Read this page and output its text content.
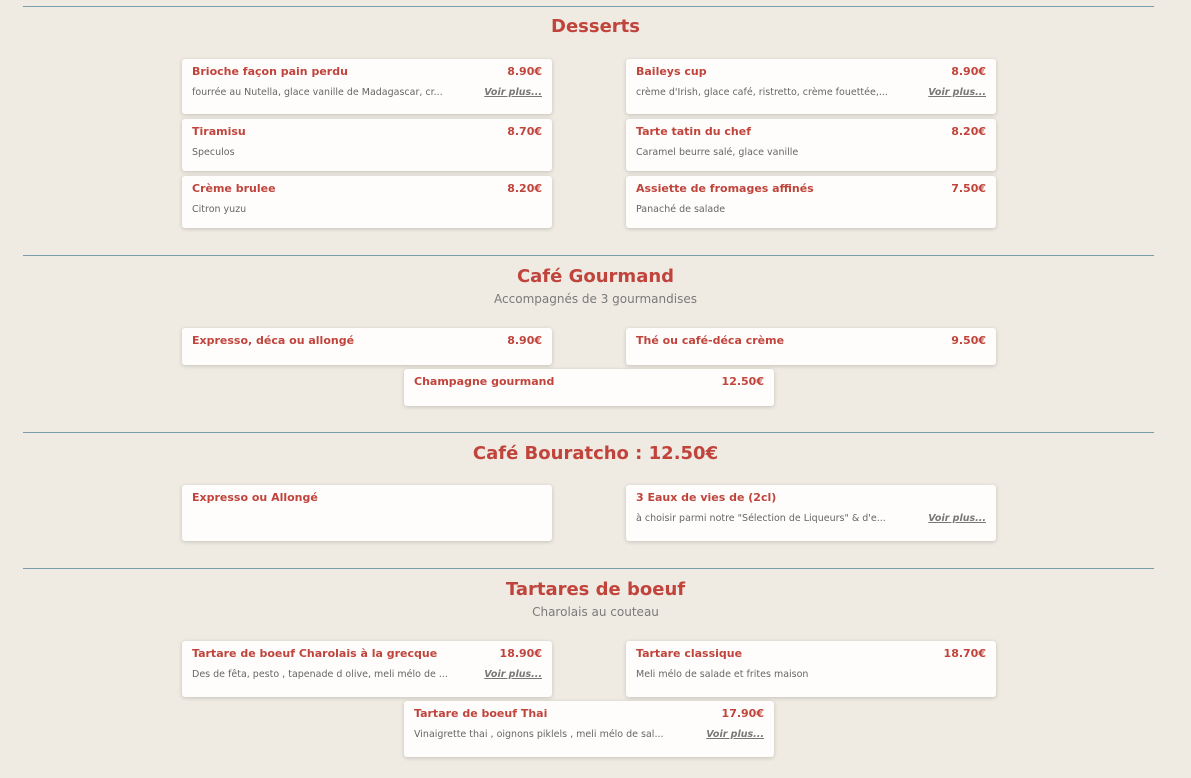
Desserts
Brioche façon pain perdu	8.90€
fourrée au Nutella, glace vanille de Madagascar, cr...	Voir plus...
Baileys cup	8.90€
crème d'Irish, glace café, ristretto, crème fouettée,...	Voir plus...
Tiramisu	8.70€
Speculos
Tarte tatin du chef	8.20€
Caramel beurre salé, glace vanille
Crème brulee	8.20€
Citron yuzu
Assiette de fromages affinés	7.50€
Panaché de salade
Café Gourmand
Accompagnés de 3 gourmandises
Expresso, déca ou allongé	8.90€	Thé ou café-déca crème	9.50€
Champagne gourmand	12.50€
Café Bouratcho : 12.50€
Expresso ou Allongé	3 Eaux de vies de (2cl)
à choisir parmi notre "Sélection de Liqueurs" & d'e...	Voir plus...
Tartares de boeuf
Charolais au couteau
Tartare de boeuf Charolais à la grecque	18.90€
Des de fêta, pesto , tapenade d olive, meli mélo de ...	Voir plus...
Tartare classique	18.70€
Meli mélo de salade et frites maison
Tartare de boeuf Thai	17.90€
Vinaigrette thai , oignons piklels , meli mélo de sal...	Voir plus...
